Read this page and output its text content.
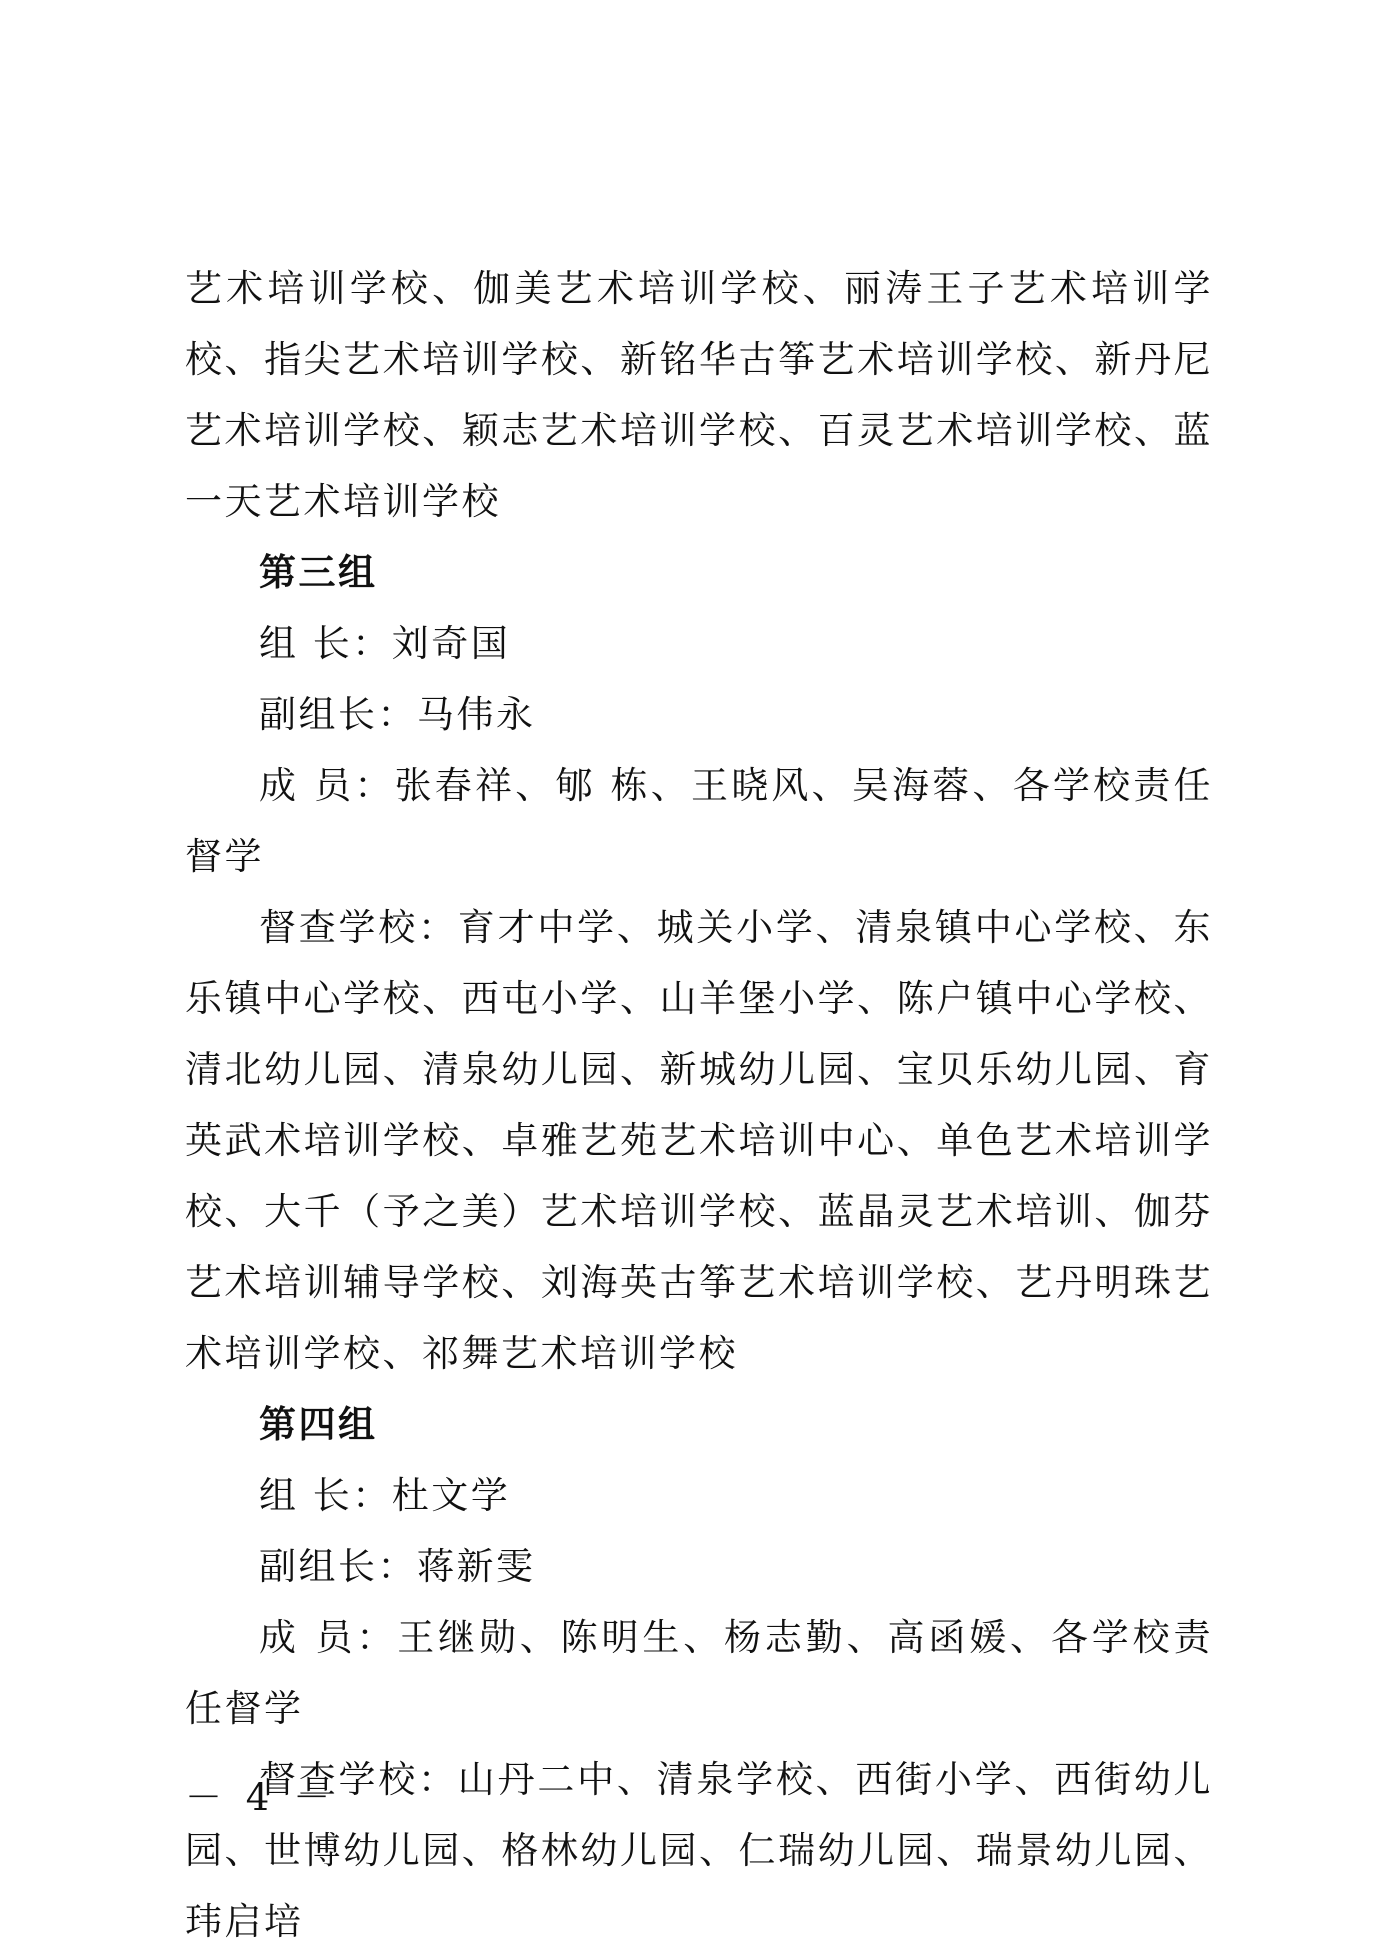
艺术培训学校、伽美艺术培训学校、丽涛王子艺术培训学校、指尖艺术培训学校、新铭华古筝艺术培训学校、新丹尼艺术培训学校、颖志艺术培训学校、百灵艺术培训学校、蓝一天艺术培训学校

第三组

组 长：刘奇国

副组长：马伟永

成 员：张春祥、郇 栋、王晓风、吴海蓉、各学校责任督学

督查学校：育才中学、城关小学、清泉镇中心学校、东乐镇中心学校、西屯小学、山羊堡小学、陈户镇中心学校、清北幼儿园、清泉幼儿园、新城幼儿园、宝贝乐幼儿园、育英武术培训学校、卓雅艺苑艺术培训中心、单色艺术培训学校、大千（予之美）艺术培训学校、蓝晶灵艺术培训、伽芬艺术培训辅导学校、刘海英古筝艺术培训学校、艺丹明珠艺术培训学校、祁舞艺术培训学校

第四组

组 长：杜文学

副组长：蒋新雯

成 员：王继勋、陈明生、杨志勤、高函媛、各学校责任督学

督查学校：山丹二中、清泉学校、西街小学、西街幼儿园、世博幼儿园、格林幼儿园、仁瑞幼儿园、瑞景幼儿园、玮启培

－ 4 －
